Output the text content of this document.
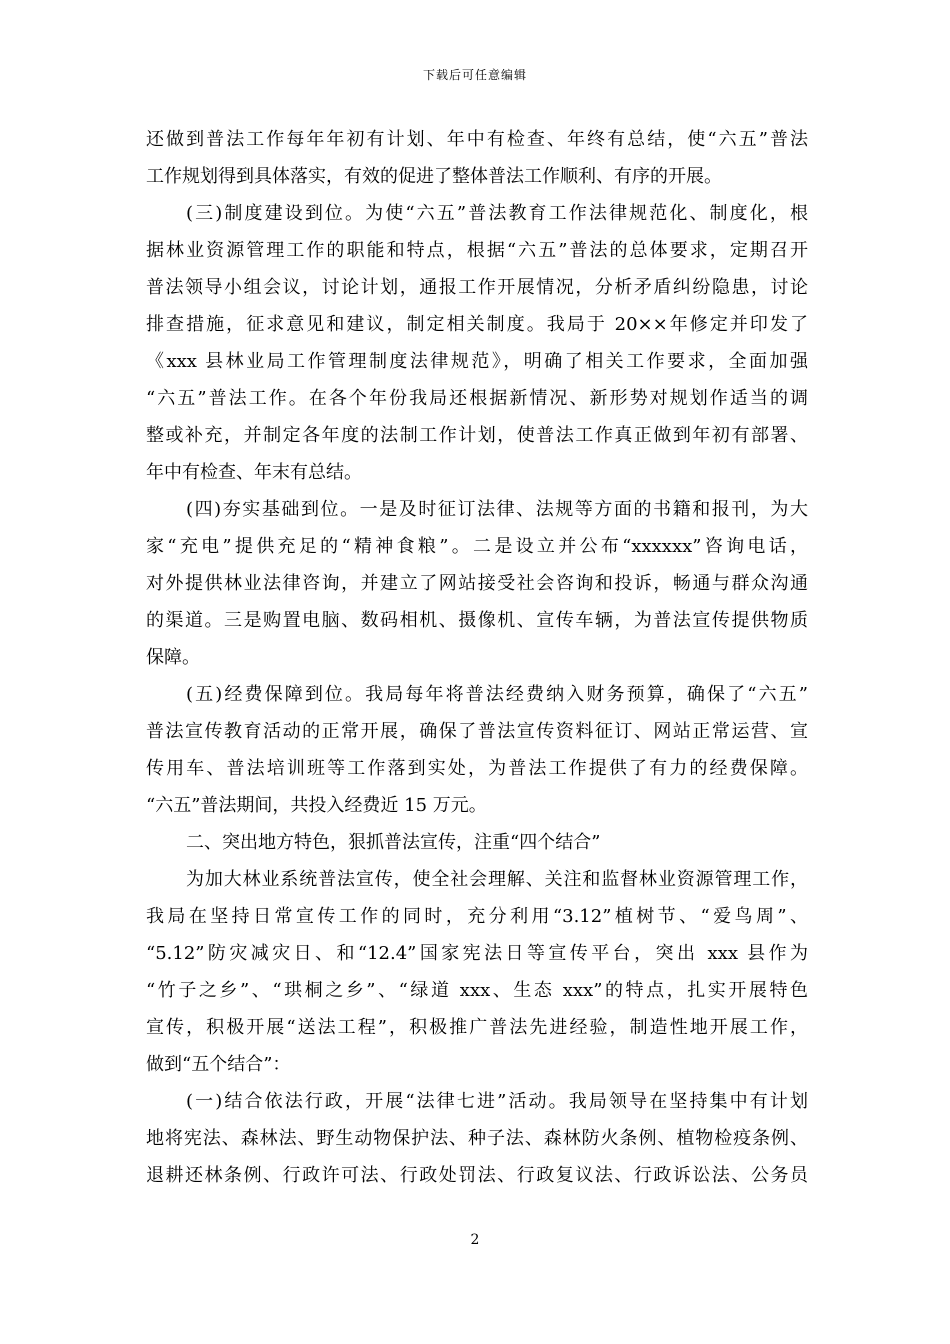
下载后可任意编辑
还做到普法工作每年年初有计划、年中有检查、年终有总结，使“六五”普法
工作规划得到具体落实，有效的促进了整体普法工作顺利、有序的开展。
(三)制度建设到位。为使“六五”普法教育工作法律规范化、制度化，根
据林业资源管理工作的职能和特点，根据“六五”普法的总体要求，定期召开
普法领导小组会议，讨论计划，通报工作开展情况，分析矛盾纠纷隐患，讨论
排查措施，征求意见和建议，制定相关制度。我局于 20××年修定并印发了
《xxx 县林业局工作管理制度法律规范》，明确了相关工作要求，全面加强
“六五”普法工作。在各个年份我局还根据新情况、新形势对规划作适当的调
整或补充，并制定各年度的法制工作计划，使普法工作真正做到年初有部署、
年中有检查、年末有总结。
(四)夯实基础到位。一是及时征订法律、法规等方面的书籍和报刊，为大
家“充电”提供充足的“精神食粮”。二是设立并公布“xxxxxx”咨询电话，
对外提供林业法律咨询，并建立了网站接受社会咨询和投诉，畅通与群众沟通
的渠道。三是购置电脑、数码相机、摄像机、宣传车辆，为普法宣传提供物质
保障。
(五)经费保障到位。我局每年将普法经费纳入财务预算，确保了“六五”
普法宣传教育活动的正常开展，确保了普法宣传资料征订、网站正常运营、宣
传用车、普法培训班等工作落到实处，为普法工作提供了有力的经费保障。
“六五”普法期间，共投入经费近 15 万元。
二、突出地方特色，狠抓普法宣传，注重“四个结合”
为加大林业系统普法宣传，使全社会理解、关注和监督林业资源管理工作，
我局在坚持日常宣传工作的同时，充分利用“3.12”植树节、“爱鸟周”、
“5.12”防灾减灾日、和“12.4”国家宪法日等宣传平台，突出 xxx 县作为
“竹子之乡”、“珙桐之乡”、“绿道 xxx、生态 xxx”的特点，扎实开展特色
宣传，积极开展“送法工程”，积极推广普法先进经验，制造性地开展工作，
做到“五个结合”：
(一)结合依法行政，开展“法律七进”活动。我局领导在坚持集中有计划
地将宪法、森林法、野生动物保护法、种子法、森林防火条例、植物检疫条例、
退耕还林条例、行政许可法、行政处罚法、行政复议法、行政诉讼法、公务员
2
